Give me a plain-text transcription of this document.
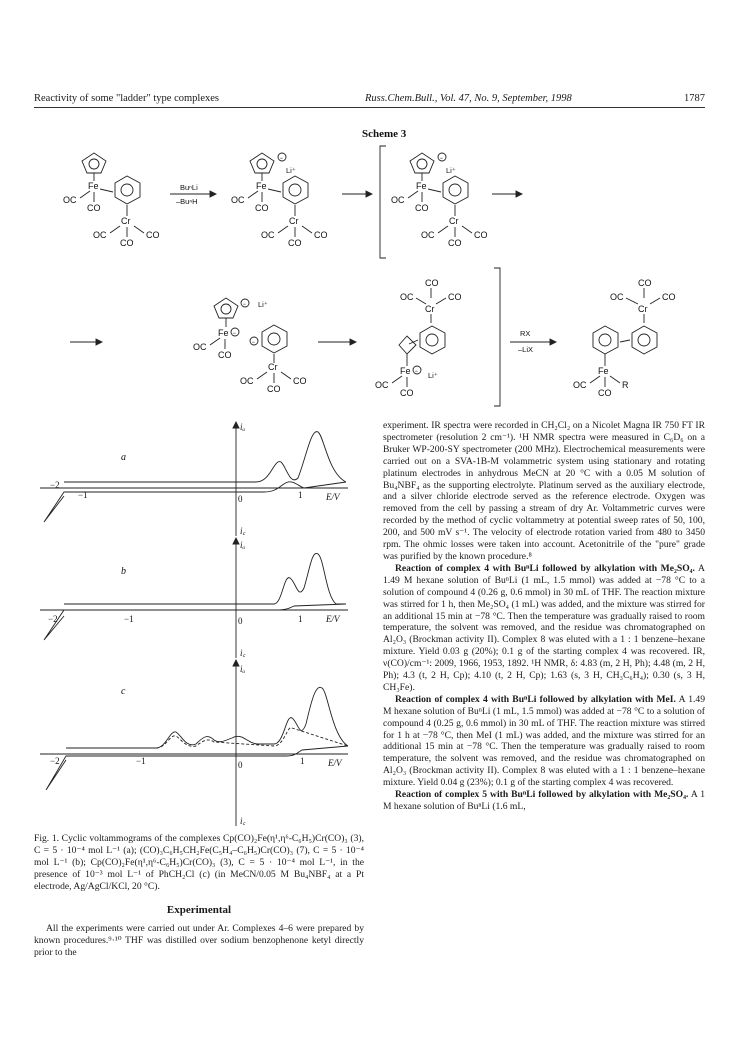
Reactivity of some "ladder" type complexes	Russ.Chem.Bull., Vol. 47, No. 9, September, 1998	1787
Scheme 3
Fe
OC
CO
Cr
OC
CO
CO
BuⁿLi
–BuⁿH
−
Li⁺
Fe
OC
CO
Cr
OC
CO
CO
−
Li⁺
Fe
OC
CO
Cr
OC
CO
CO
− Li⁺
Fe −
OC
CO
−
Cr
OC
CO
CO
CO
OC	CO
Cr
Fe − Li⁺
OC
CO
RX
–LiX
CO
OC	CO
Cr
Fe
R
OC
CO
a
iₐ
i꜀
−1	0	1	E/V
−2
b
iₐ
i꜀
−2	−1	0	1	E/V
c
iₐ
i꜀
−2	−1	0	1	E/V

experiment. IR spectra were recorded in CH₂Cl₂ on a Nicolet Magna IR 750 FT IR spectrometer (resolution 2 cm⁻¹). ¹H NMR spectra were measured in C₆D₆ on a Bruker WP-200-SY spectrometer (200 MHz). Electrochemical measurements were carried out on a SVA-1B-M volammetric system using stationary and rotating platinum electrodes in anhydrous MeCN at 20 °C with a 0.05 M solution of Bu₄NBF₄ as the supporting electrolyte. Platinum served as the auxiliary electrode, and a silver chloride electrode served as the reference electrode. Oxygen was removed from the cell by passing a stream of dry Ar. Voltammetric curves were recorded by the method of cyclic voltammetry at potential sweep rates of 50, 100, 200, and 500 mV s⁻¹. The velocity of electrode rotation varied from 480 to 3450 rpm. The ohmic losses were taken into account. Acetonitrile of the "pure" grade was purified by the known procedure.⁸

Reaction of complex 4 with BuⁿLi followed by alkylation with Me₂SO₄. A 1.49 M hexane solution of BuⁿLi (1 mL, 1.5 mmol) was added at −78 °C to a solution of compound 4 (0.26 g, 0.6 mmol) in 30 mL of THF. The reaction mixture was stirred for 1 h, then Me₂SO₄ (1 mL) was added, and the mixture was stirred for an additional 15 min at −78 °C. Then the temperature was gradually raised to room temperature, the solvent was removed, and the residue was chromatographed on Al₂O₃ (Brockman activity II). Complex 8 was eluted with a 1 : 1 benzene–hexane mixture. Yield 0.03 g (20%); 0.1 g of the starting complex 4 was recovered. IR, ν(CO)/cm⁻¹: 2009, 1966, 1953, 1892. ¹H NMR, δ: 4.83 (m, 2 H, Ph); 4.48 (m, 2 H, Ph); 4.3 (t, 2 H, Cp); 4.10 (t, 2 H, Cp); 1.63 (s, 3 H, CH₃C₆H₄); 0.30 (s, 3 H, CH₃Fe).

Reaction of complex 4 with BuⁿLi followed by alkylation with MeI. A 1.49 M hexane solution of BuⁿLi (1 mL, 1.5 mmol) was added at −78 °C to a solution of compound 4 (0.25 g, 0.6 mmol) in 30 mL of THF. The reaction mixture was stirred for 1 h at −78 °C, then MeI (1 mL) was added, and the mixture was stirred for an additional 15 min at −78 °C. Then the temperature was gradually raised to room temperature, the solvent was removed, and the residue was chromatographed on Al₂O₃ (Brockman activity II). Complex 8 was eluted with a 1 : 1 benzene–hexane mixture. Yield 0.04 g (23%); 0.1 g of the starting complex 4 was recovered.

Reaction of complex 5 with BuⁿLi followed by alkylation with Me₂SO₄. A 1 M hexane solution of BuⁿLi (1.6 mL,

Fig. 1. Cyclic voltammograms of the complexes Cp(CO)₂Fe(η¹,η⁶-C₆H₅)Cr(CO)₃ (3), C = 5 · 10⁻⁴ mol L⁻¹ (a); (CO)₃C₆H₅CH₂Fe(C₅H₄–C₆H₅)Cr(CO)₃ (7), C = 5 · 10⁻⁴ mol L⁻¹ (b); Cp(CO)₂Fe(η¹,η⁶-C₆H₅)Cr(CO)₃ (3), C = 5 · 10⁻⁴ mol L⁻¹, in the presence of 10⁻³ mol L⁻¹ of PhCH₂Cl (c) (in MeCN/0.05 M Bu₄NBF₄ at a Pt electrode, Ag/AgCl/KCl, 20 °C).

Experimental

All the experiments were carried out under Ar. Complexes 4–6 were prepared by known procedures.⁹·¹⁰ THF was distilled over sodium benzophenone ketyl directly prior to the
